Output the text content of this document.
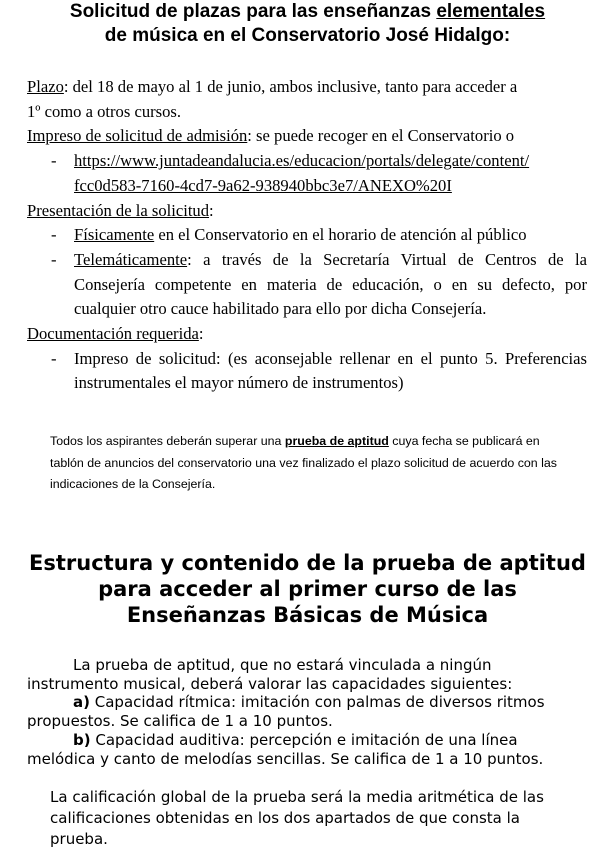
Solicitud de plazas para las enseñanzas elementales
de música en el Conservatorio José Hidalgo:
Plazo: del 18 de mayo al 1 de junio, ambos inclusive, tanto para acceder a
1º como a otros cursos.
Impreso de solicitud de admisión: se puede recoger en el Conservatorio o
- https://www.juntadeandalucia.es/educacion/portals/delegate/content/
fcc0d583-7160-4cd7-9a62-938940bbc3e7/ANEXO%20I
Presentación de la solicitud:
- Físicamente en el Conservatorio en el horario de atención al público
- Telemáticamente: a través de la Secretaría Virtual de Centros de la Consejería competente en materia de educación, o en su defecto, por cualquier otro cauce habilitado para ello por dicha Consejería.
Documentación requerida:
- Impreso de solicitud: (es aconsejable rellenar en el punto 5. Preferencias instrumentales el mayor número de instrumentos)
Todos los aspirantes deberán superar una prueba de aptitud cuya fecha se publicará en tablón de anuncios del conservatorio una vez finalizado el plazo solicitud de acuerdo con las indicaciones de la Consejería.
Estructura y contenido de la prueba de aptitud
para acceder al primer curso de las
Enseñanzas Básicas de Música
La prueba de aptitud, que no estará vinculada a ningún
instrumento musical, deberá valorar las capacidades siguientes:
a) Capacidad rítmica: imitación con palmas de diversos ritmos
propuestos. Se califica de 1 a 10 puntos.
b) Capacidad auditiva: percepción e imitación de una línea
melódica y canto de melodías sencillas. Se califica de 1 a 10 puntos.
La calificación global de la prueba será la media aritmética de las
calificaciones obtenidas en los dos apartados de que consta la
prueba.
